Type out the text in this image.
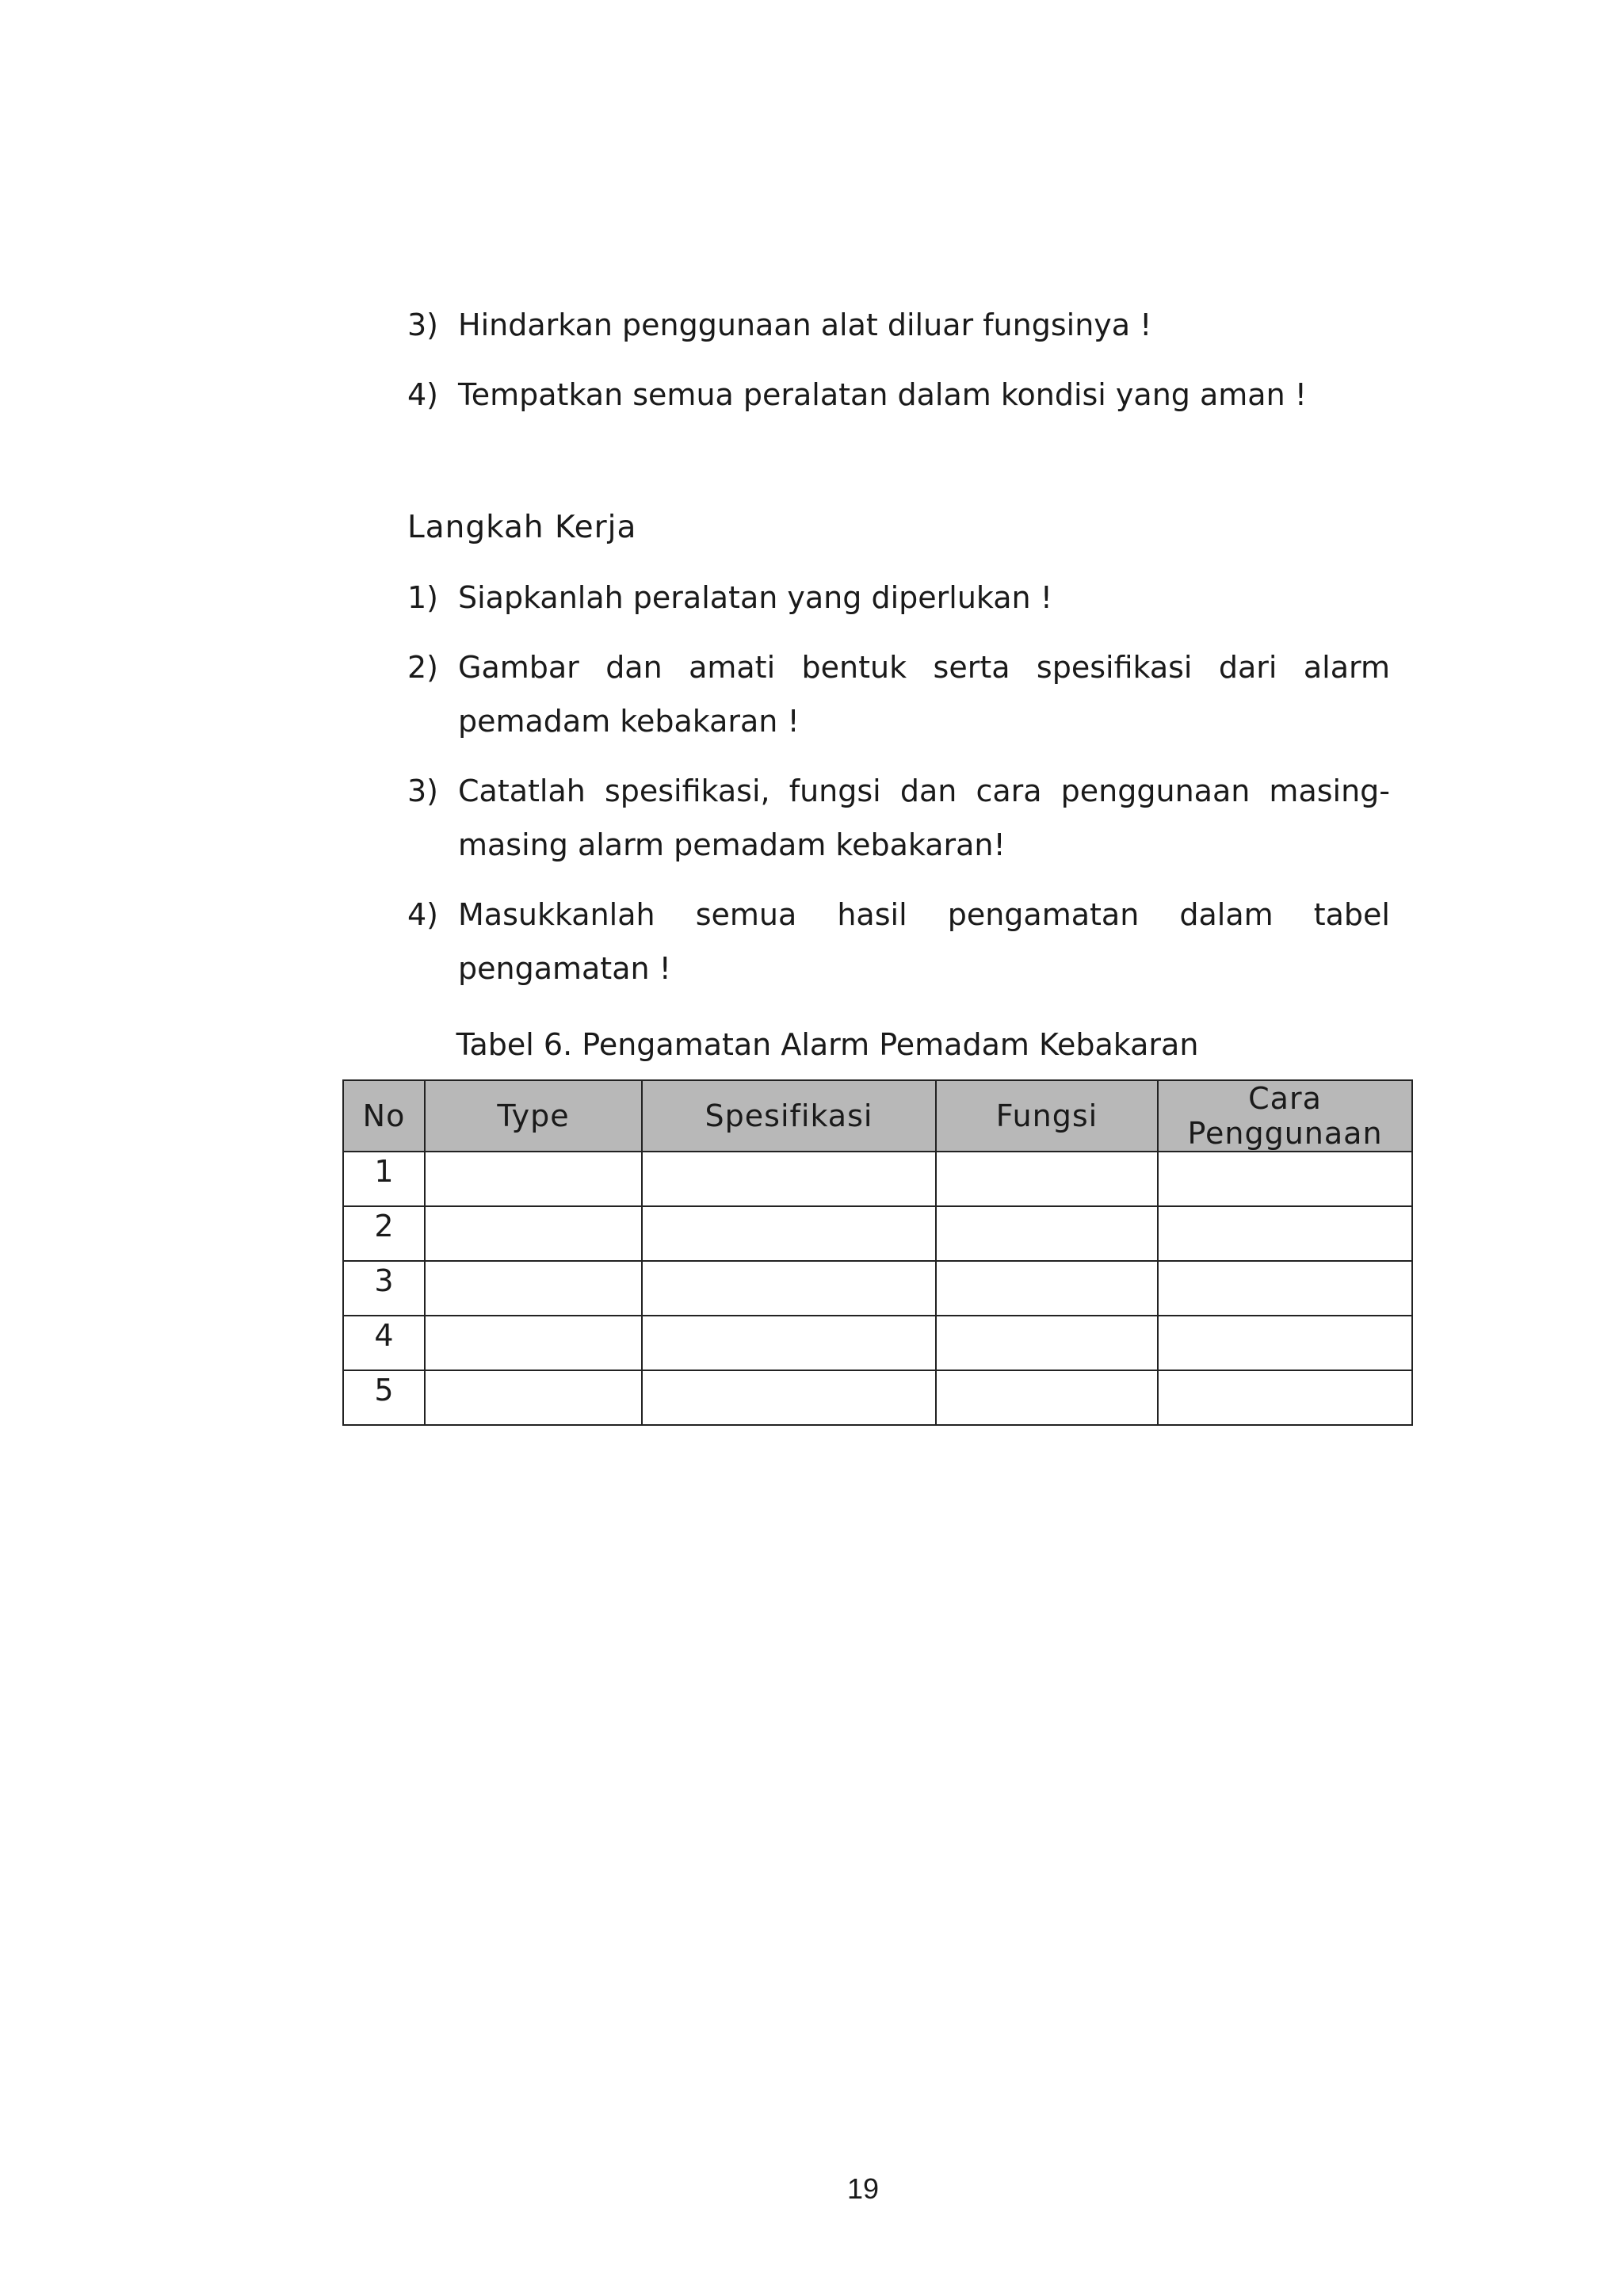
3) Hindarkan penggunaan alat diluar fungsinya !
4) Tempatkan semua peralatan dalam kondisi yang aman !
Langkah Kerja
1) Siapkanlah peralatan yang diperlukan !
2) Gambar dan amati bentuk serta spesifikasi dari alarm pemadam kebakaran !
3) Catatlah spesifikasi, fungsi dan cara penggunaan masing-masing alarm pemadam kebakaran!
4) Masukkanlah semua hasil pengamatan dalam tabel pengamatan !
Tabel 6. Pengamatan Alarm Pemadam Kebakaran
No	Type	Spesifikasi	Fungsi	Cara Penggunaan
1				
2				
3				
4				
5				
19
